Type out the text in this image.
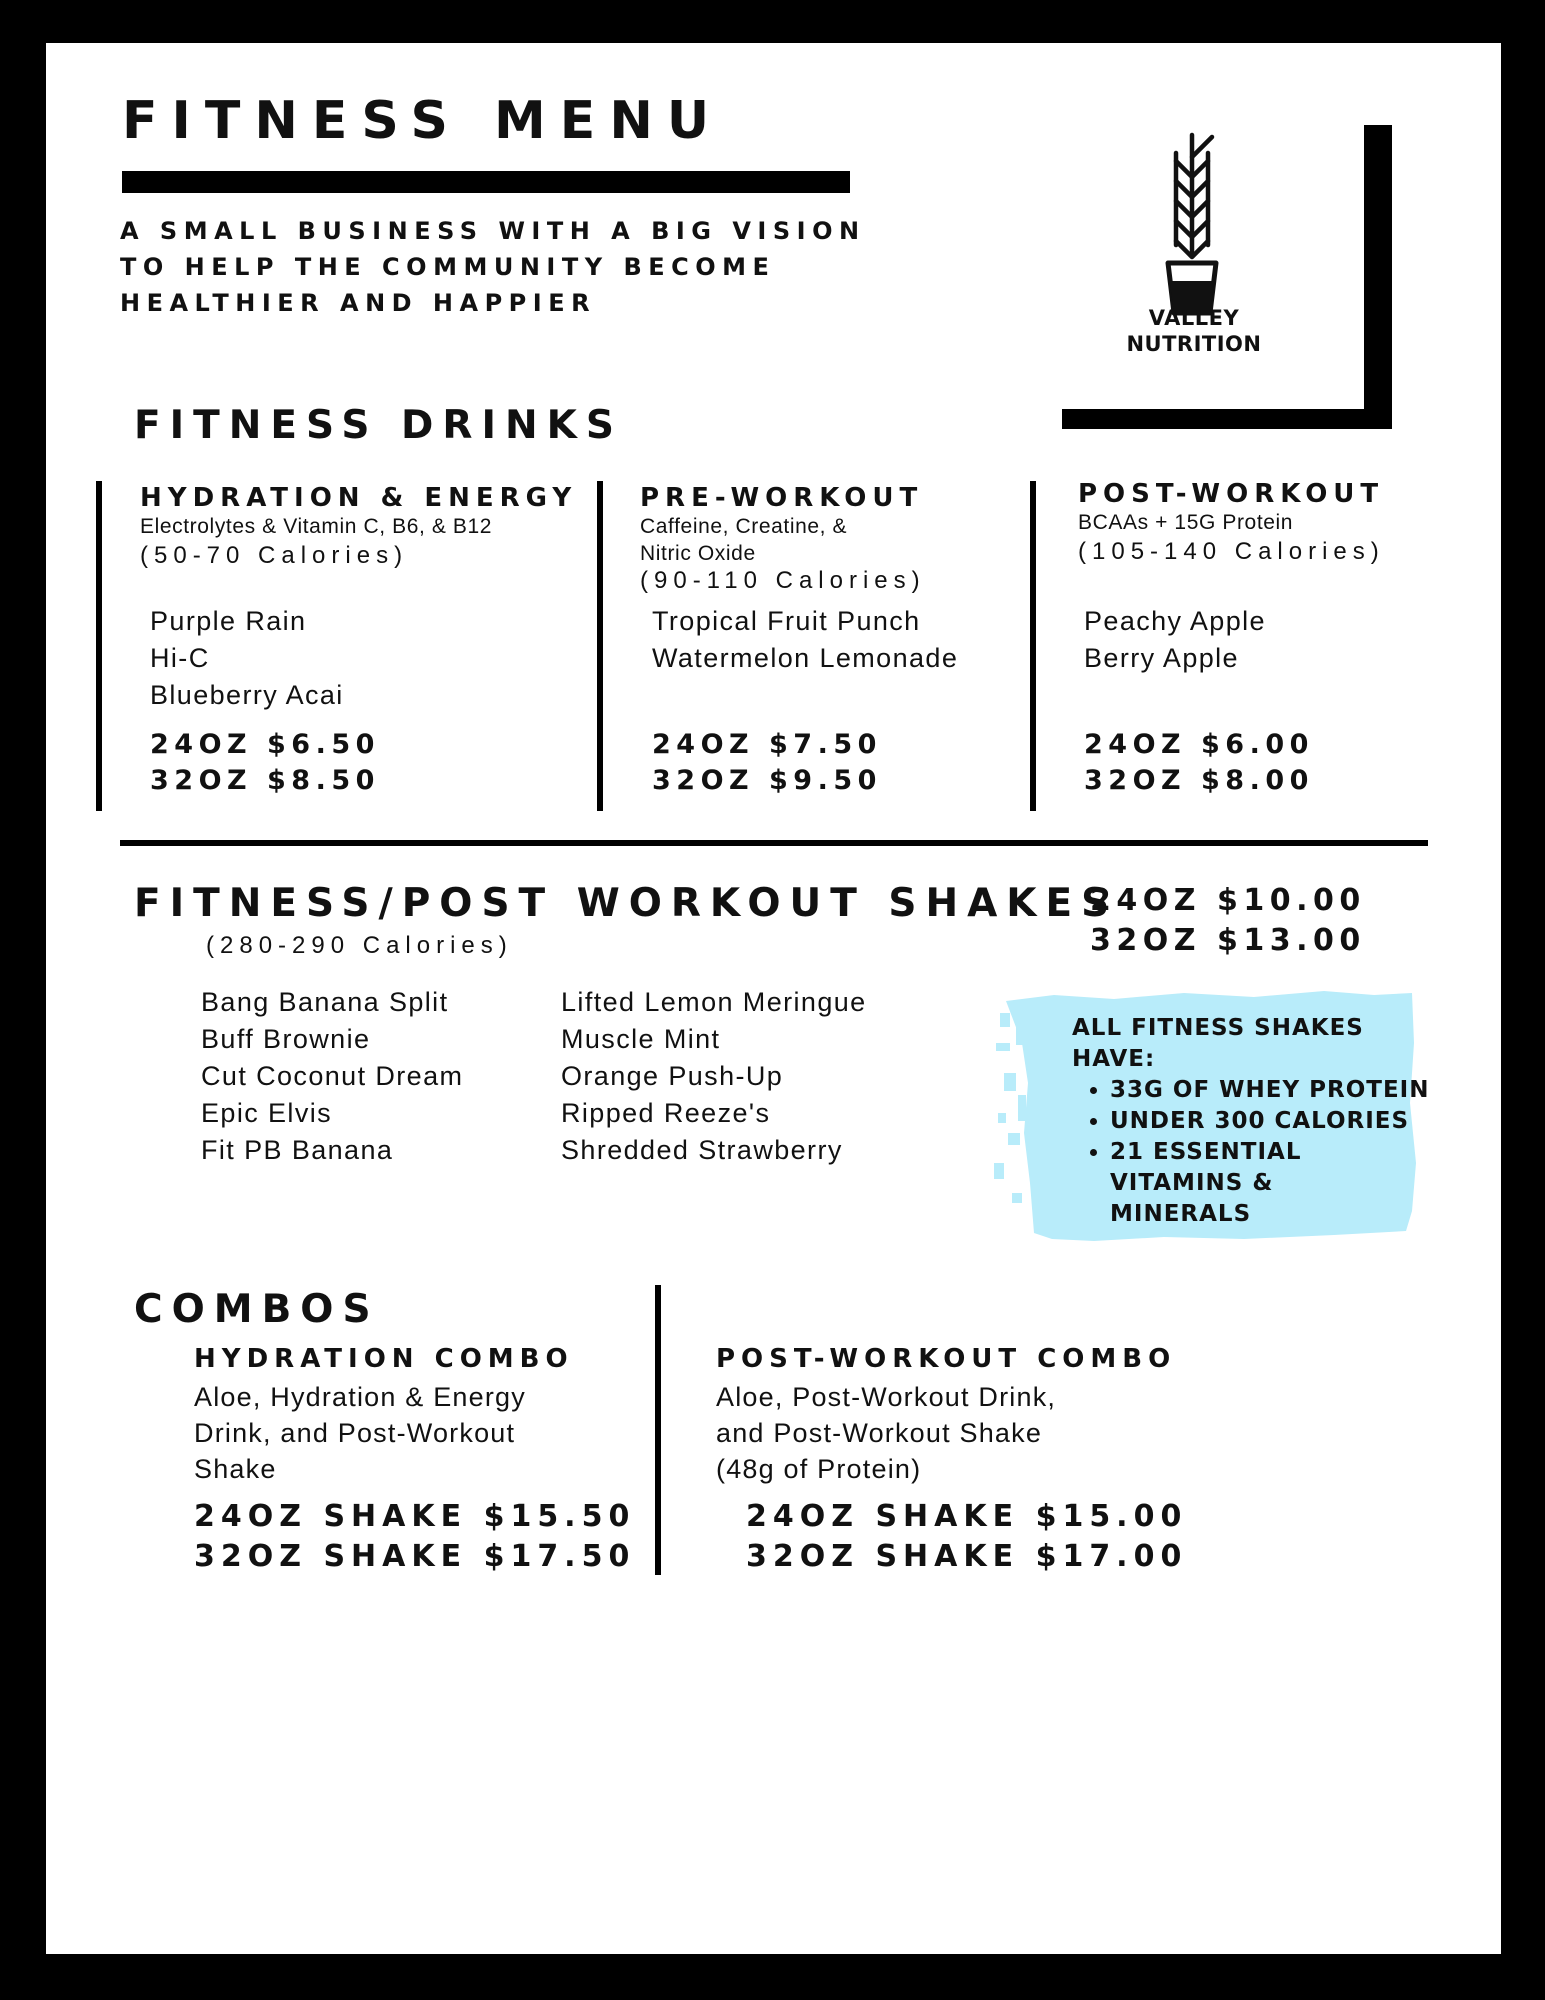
FITNESS MENU
A SMALL BUSINESS WITH A BIG VISION
TO HELP THE COMMUNITY BECOME
HEALTHIER AND HAPPIER
VALLEY
NUTRITION
FITNESS DRINKS
HYDRATION & ENERGY
Electrolytes & Vitamin C, B6, & B12
(50-70 Calories)
Purple Rain
Hi-C
Blueberry Acai
24OZ $6.50
32OZ $8.50
PRE-WORKOUT
Caffeine, Creatine, &
Nitric Oxide
(90-110 Calories)
Tropical Fruit Punch
Watermelon Lemonade
24OZ $7.50
32OZ $9.50
POST-WORKOUT
BCAAs + 15G Protein
(105-140 Calories)
Peachy Apple
Berry Apple
24OZ $6.00
32OZ $8.00
FITNESS/POST WORKOUT SHAKES
24OZ $10.00
32OZ $13.00
(280-290 Calories)
Bang Banana Split
Buff Brownie
Cut Coconut Dream
Epic Elvis
Fit PB Banana
Lifted Lemon Meringue
Muscle Mint
Orange Push-Up
Ripped Reeze's
Shredded Strawberry
ALL FITNESS SHAKES
HAVE:
• 33G OF WHEY PROTEIN
• UNDER 300 CALORIES
• 21 ESSENTIAL VITAMINS & MINERALS
COMBOS
HYDRATION COMBO
Aloe, Hydration & Energy
Drink, and Post-Workout
Shake
24OZ SHAKE $15.50
32OZ SHAKE $17.50
POST-WORKOUT COMBO
Aloe, Post-Workout Drink,
and Post-Workout Shake
(48g of Protein)
24OZ SHAKE $15.00
32OZ SHAKE $17.00
